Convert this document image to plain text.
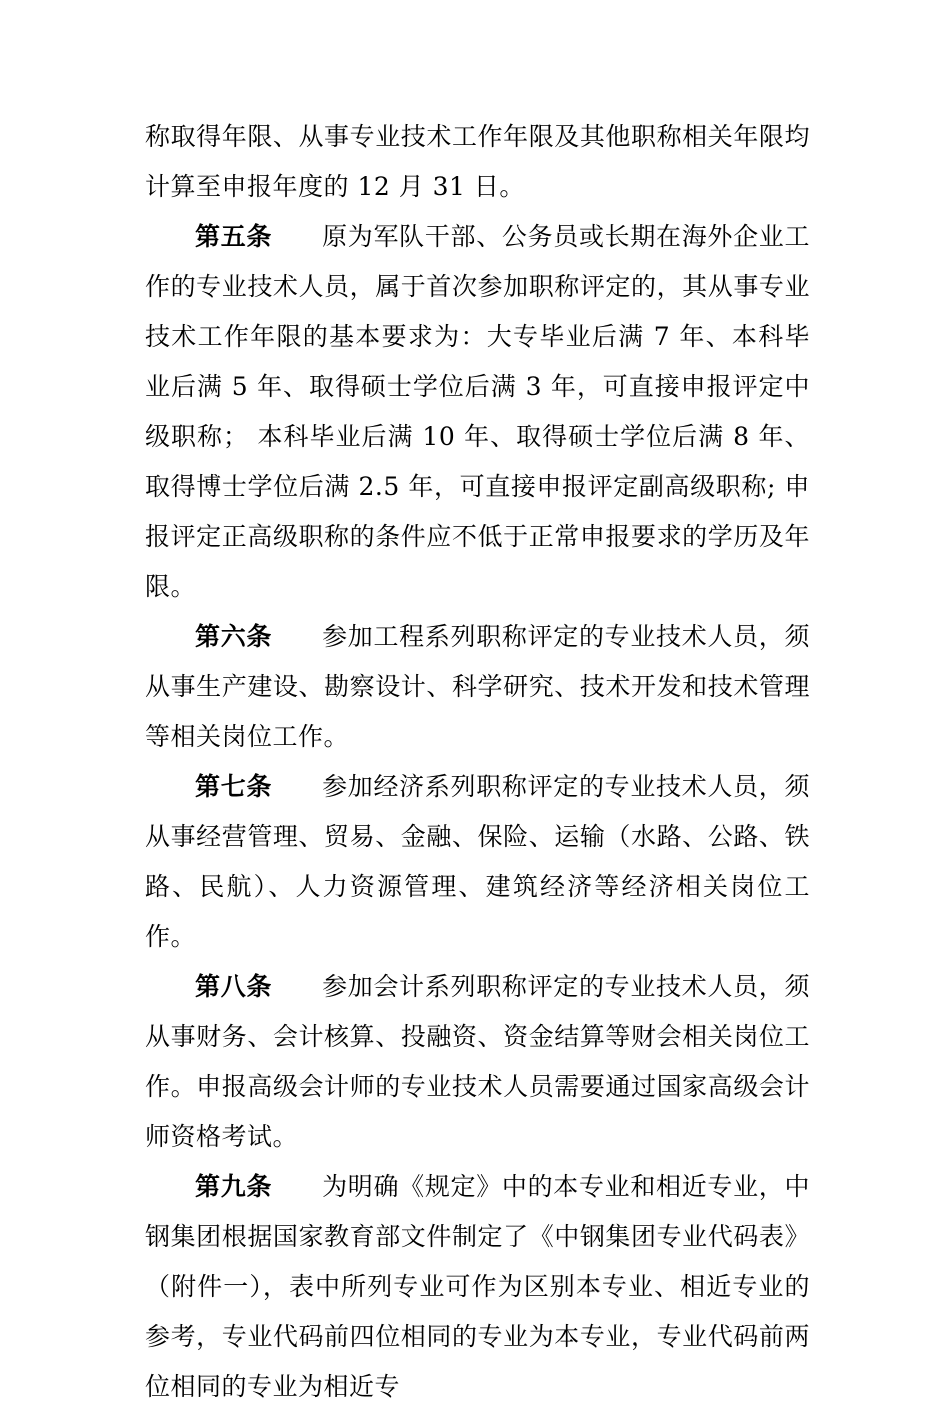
称取得年限、从事专业技术工作年限及其他职称相关年限均计算至申报年度的 12 月 31 日。

第五条 原为军队干部、公务员或长期在海外企业工作的专业技术人员，属于首次参加职称评定的，其从事专业技术工作年限的基本要求为：大专毕业后满 7 年、本科毕业后满 5 年、取得硕士学位后满 3 年，可直接申报评定中级职称； 本科毕业后满 10 年、取得硕士学位后满 8 年、取得博士学位后满 2.5 年，可直接申报评定副高级职称; 申报评定正高级职称的条件应不低于正常申报要求的学历及年限。

第六条 参加工程系列职称评定的专业技术人员，须从事生产建设、勘察设计、科学研究、技术开发和技术管理等相关岗位工作。

第七条 参加经济系列职称评定的专业技术人员，须从事经营管理、贸易、金融、保险、运输（水路、公路、铁路、民航）、人力资源管理、建筑经济等经济相关岗位工作。

第八条 参加会计系列职称评定的专业技术人员，须从事财务、会计核算、投融资、资金结算等财会相关岗位工作。申报高级会计师的专业技术人员需要通过国家高级会计师资格考试。

第九条 为明确《规定》中的本专业和相近专业，中钢集团根据国家教育部文件制定了《中钢集团专业代码表》（附件一），表中所列专业可作为区别本专业、相近专业的参考，专业代码前四位相同的专业为本专业，专业代码前两位相同的专业为相近专
